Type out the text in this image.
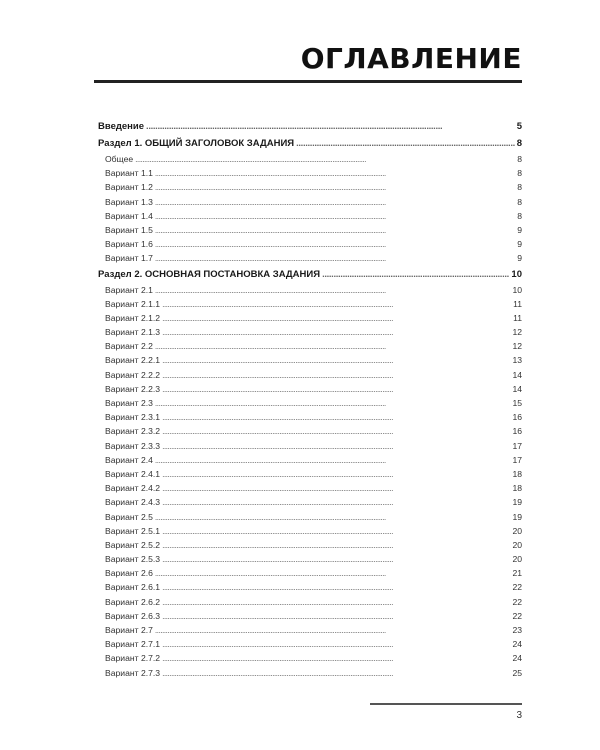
ОГЛАВЛЕНИЕ
Введение . . .	5
Раздел 1. ОБЩИЙ ЗАГОЛОВОК ЗАДАНИЯ . . .	8
Общее . . .	8
Вариант 1.1 . . .	8
Вариант 1.2 . . .	8
Вариант 1.3 . . .	8
Вариант 1.4 . . .	8
Вариант 1.5 . . .	9
Вариант 1.6 . . .	9
Вариант 1.7 . . .	9
Раздел 2. ОСНОВНАЯ ПОСТАНОВКА ЗАДАНИЯ . . .	10
Вариант 2.1 . . .	10
Вариант 2.1.1 . . .	11
Вариант 2.1.2 . . .	11
Вариант 2.1.3 . . .	12
Вариант 2.2 . . .	12
Вариант 2.2.1 . . .	13
Вариант 2.2.2 . . .	14
Вариант 2.2.3 . . .	14
Вариант 2.3 . . .	15
Вариант 2.3.1 . . .	16
Вариант 2.3.2 . . .	16
Вариант 2.3.3 . . .	17
Вариант 2.4 . . .	17
Вариант 2.4.1 . . .	18
Вариант 2.4.2 . . .	18
Вариант 2.4.3 . . .	19
Вариант 2.5 . . .	19
Вариант 2.5.1 . . .	20
Вариант 2.5.2 . . .	20
Вариант 2.5.3 . . .	20
Вариант 2.6 . . .	21
Вариант 2.6.1 . . .	22
Вариант 2.6.2 . . .	22
Вариант 2.6.3 . . .	22
Вариант 2.7 . . .	23
Вариант 2.7.1 . . .	24
Вариант 2.7.2 . . .	24
Вариант 2.7.3 . . .	25
3
